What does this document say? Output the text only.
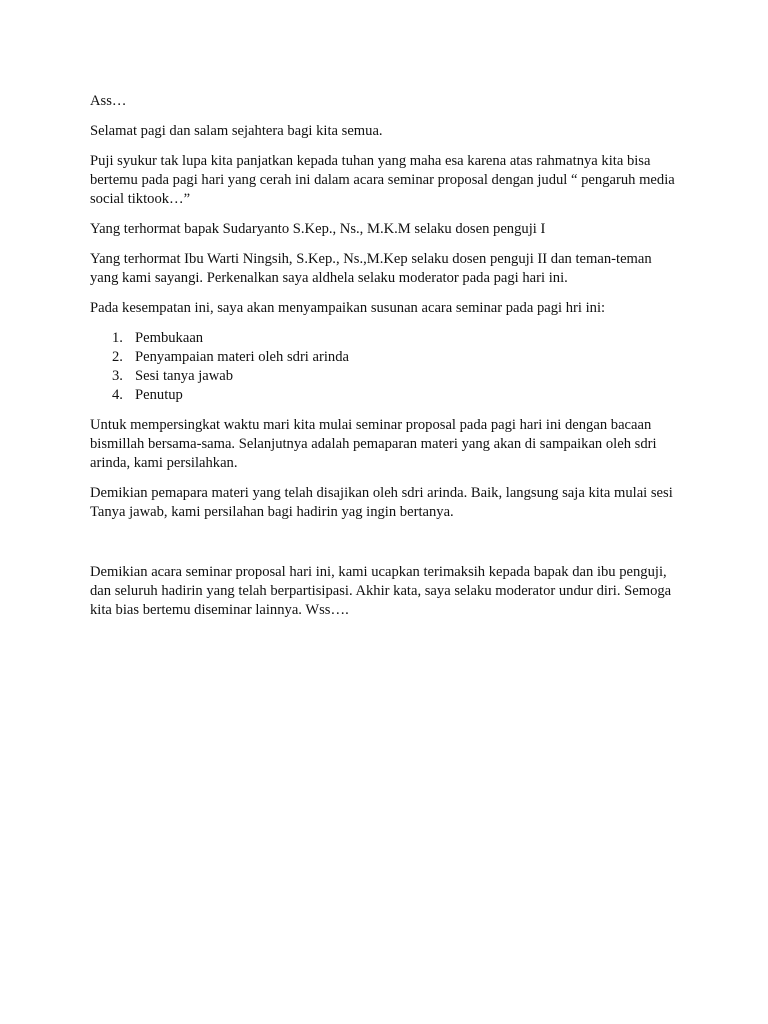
Ass…

Selamat pagi dan salam sejahtera bagi kita semua.

Puji syukur tak lupa kita panjatkan kepada tuhan yang maha esa karena atas rahmatnya kita bisa bertemu pada pagi hari yang cerah ini dalam acara seminar proposal dengan judul “ pengaruh media social tiktook…”

Yang terhormat bapak Sudaryanto S.Kep., Ns., M.K.M selaku dosen penguji I

Yang terhormat Ibu Warti Ningsih, S.Kep., Ns.,M.Kep selaku dosen penguji II dan teman-teman yang kami sayangi. Perkenalkan saya aldhela selaku moderator pada pagi hari ini.

Pada kesempatan ini, saya akan menyampaikan susunan acara seminar pada pagi hri ini:

1. Pembukaan
2. Penyampaian materi oleh sdri arinda
3. Sesi tanya jawab
4. Penutup

Untuk mempersingkat waktu mari kita mulai seminar proposal pada pagi hari ini dengan bacaan bismillah bersama-sama. Selanjutnya adalah pemaparan materi yang akan di sampaikan oleh sdri arinda, kami persilahkan.

Demikian pemapara materi yang telah disajikan oleh sdri arinda. Baik, langsung saja kita mulai sesi Tanya jawab, kami persilahan bagi hadirin yag ingin bertanya.

Demikian acara seminar proposal hari ini, kami ucapkan terimaksih kepada bapak dan ibu penguji, dan seluruh hadirin yang telah berpartisipasi. Akhir kata, saya selaku moderator undur diri. Semoga kita bias bertemu diseminar lainnya. Wss….
